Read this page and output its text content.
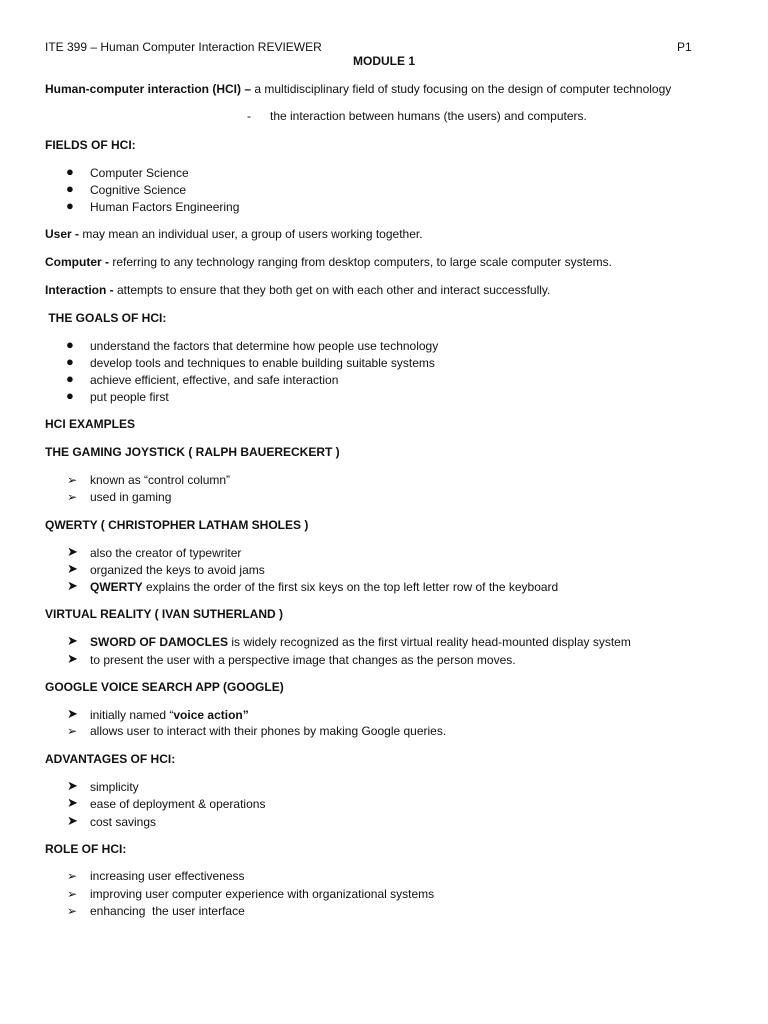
ITE 399 – Human Computer Interaction REVIEWER	P1
MODULE 1
Human-computer interaction (HCI) – a multidisciplinary field of study focusing on the design of computer technology
- the interaction between humans (the users) and computers.
FIELDS OF HCI:
● Computer Science
● Cognitive Science
● Human Factors Engineering
User - may mean an individual user, a group of users working together.
Computer - referring to any technology ranging from desktop computers, to large scale computer systems.
Interaction - attempts to ensure that they both get on with each other and interact successfully.
THE GOALS OF HCI:
● understand the factors that determine how people use technology
● develop tools and techniques to enable building suitable systems
● achieve efficient, effective, and safe interaction
● put people first
HCI EXAMPLES
THE GAMING JOYSTICK ( RALPH BAUERECKERT )
➢ known as “control column”
➢ used in gaming
QWERTY ( CHRISTOPHER LATHAM SHOLES )
➤ also the creator of typewriter
➤ organized the keys to avoid jams
➤ QWERTY explains the order of the first six keys on the top left letter row of the keyboard
VIRTUAL REALITY ( IVAN SUTHERLAND )
➤ SWORD OF DAMOCLES is widely recognized as the first virtual reality head-mounted display system
➤ to present the user with a perspective image that changes as the person moves.
GOOGLE VOICE SEARCH APP (GOOGLE)
➤ initially named “voice action”
➢ allows user to interact with their phones by making Google queries.
ADVANTAGES OF HCI:
➤ simplicity
➤ ease of deployment & operations
➤ cost savings
ROLE OF HCI:
➢ increasing user effectiveness
➢ improving user computer experience with organizational systems
➢ enhancing  the user interface
